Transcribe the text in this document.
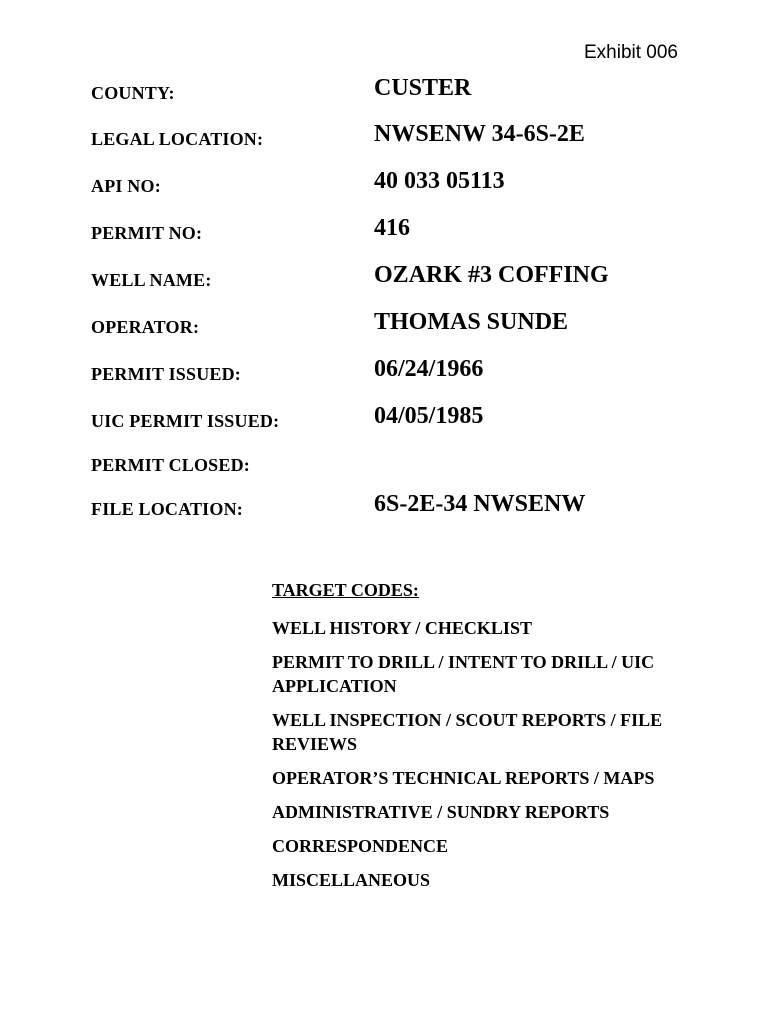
Exhibit 006
COUNTY:	CUSTER
LEGAL LOCATION:	NWSENW 34-6S-2E
API NO:	40 033 05113
PERMIT NO:	416
WELL NAME:	OZARK #3 COFFING
OPERATOR:	THOMAS SUNDE
PERMIT ISSUED:	06/24/1966
UIC PERMIT ISSUED:	04/05/1985
PERMIT CLOSED:
FILE LOCATION:	6S-2E-34 NWSENW
TARGET CODES:
WELL HISTORY / CHECKLIST
PERMIT TO DRILL / INTENT TO DRILL / UIC APPLICATION
WELL INSPECTION / SCOUT REPORTS / FILE REVIEWS
OPERATOR’S TECHNICAL REPORTS / MAPS
ADMINISTRATIVE / SUNDRY REPORTS
CORRESPONDENCE
MISCELLANEOUS
